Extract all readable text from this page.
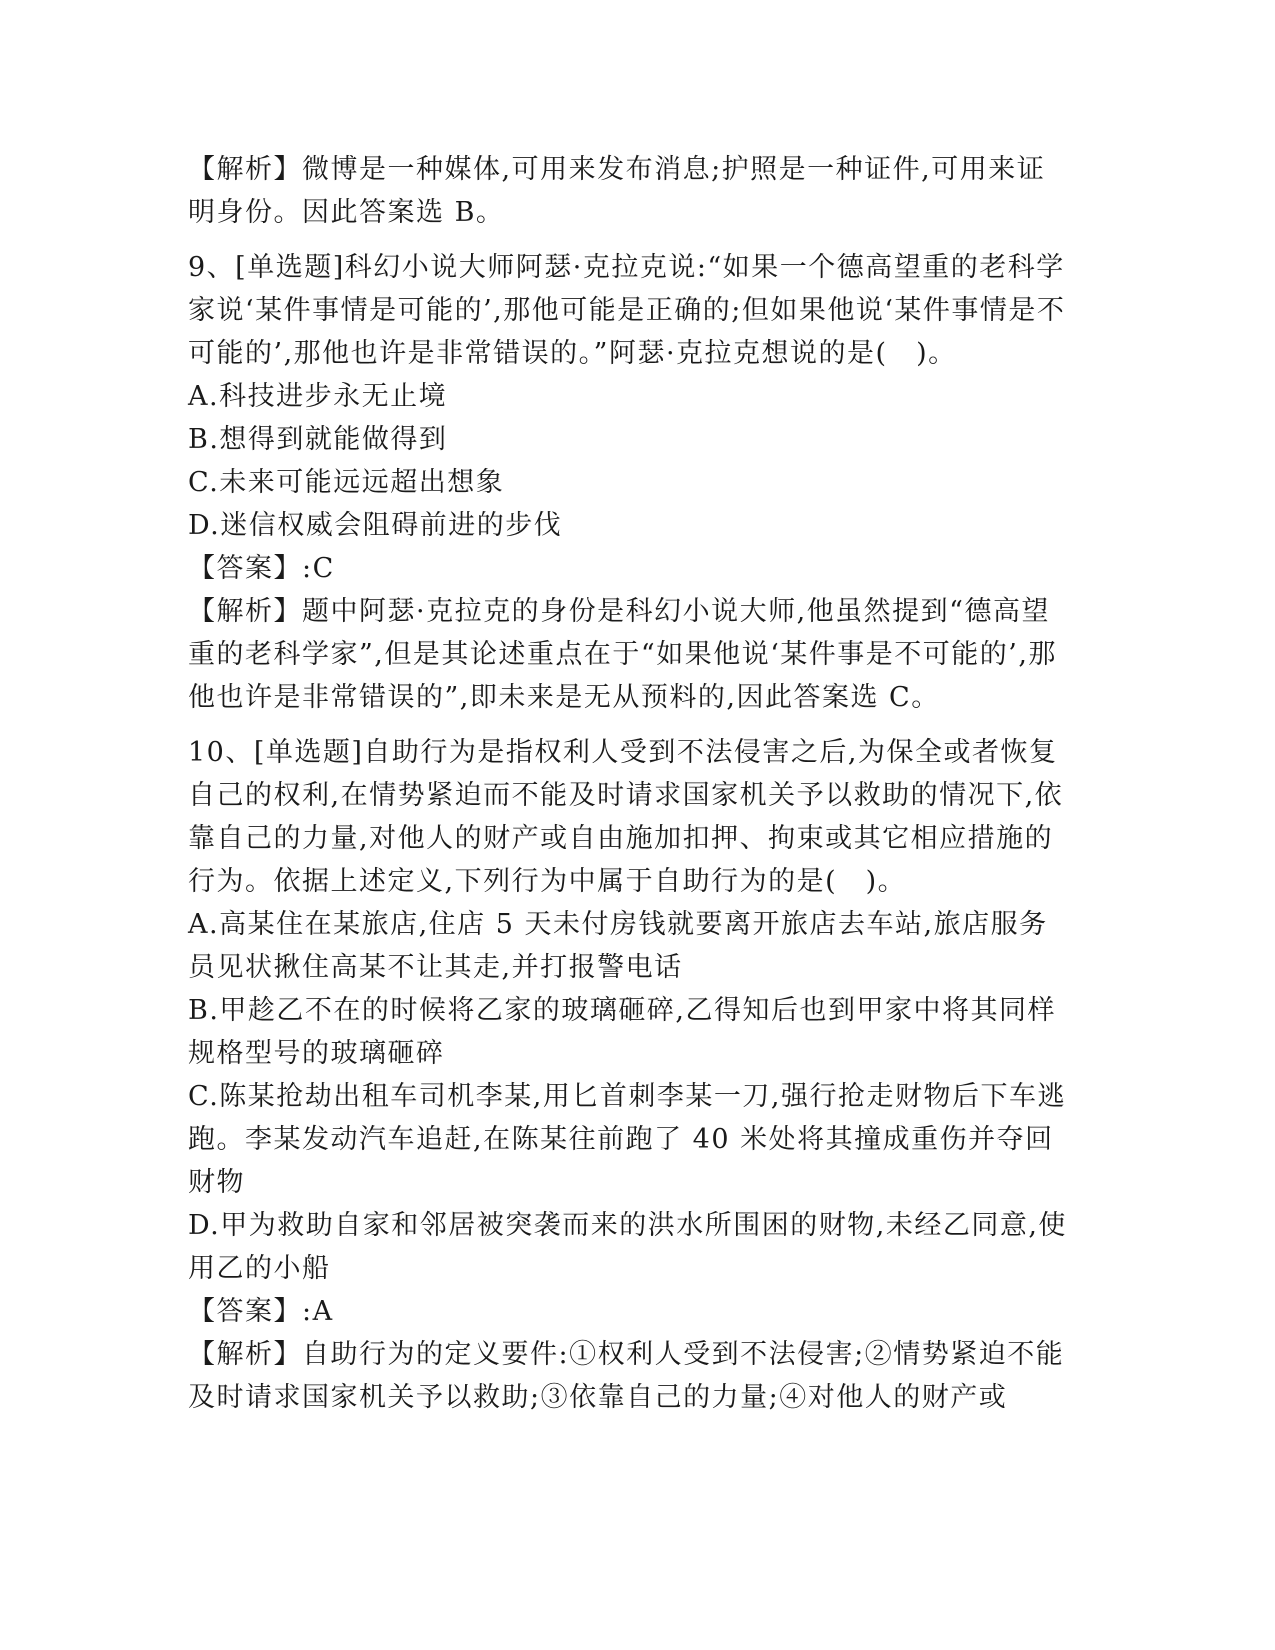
【解析】微博是一种媒体,可用来发布消息;护照是一种证件,可用来证明身份。因此答案选 B。

9、[单选题]科幻小说大师阿瑟·克拉克说:“如果一个德高望重的老科学家说‘某件事情是可能的’,那他可能是正确的;但如果他说‘某件事情是不可能的’,那他也许是非常错误的。”阿瑟·克拉克想说的是(　)。

A.科技进步永无止境

B.想得到就能做得到

C.未来可能远远超出想象

D.迷信权威会阻碍前进的步伐

【答案】:C

【解析】题中阿瑟·克拉克的身份是科幻小说大师,他虽然提到“德高望重的老科学家”,但是其论述重点在于“如果他说‘某件事是不可能的’,那他也许是非常错误的”,即未来是无从预料的,因此答案选 C。

10、[单选题]自助行为是指权利人受到不法侵害之后,为保全或者恢复自己的权利,在情势紧迫而不能及时请求国家机关予以救助的情况下,依靠自己的力量,对他人的财产或自由施加扣押、拘束或其它相应措施的行为。依据上述定义,下列行为中属于自助行为的是(　)。

A.高某住在某旅店,住店 5 天未付房钱就要离开旅店去车站,旅店服务员见状揪住高某不让其走,并打报警电话

B.甲趁乙不在的时候将乙家的玻璃砸碎,乙得知后也到甲家中将其同样规格型号的玻璃砸碎

C.陈某抢劫出租车司机李某,用匕首刺李某一刀,强行抢走财物后下车逃跑。李某发动汽车追赶,在陈某往前跑了 40 米处将其撞成重伤并夺回财物

D.甲为救助自家和邻居被突袭而来的洪水所围困的财物,未经乙同意,使用乙的小船

【答案】:A

【解析】自助行为的定义要件:①权利人受到不法侵害;②情势紧迫不能及时请求国家机关予以救助;③依靠自己的力量;④对他人的财产或
